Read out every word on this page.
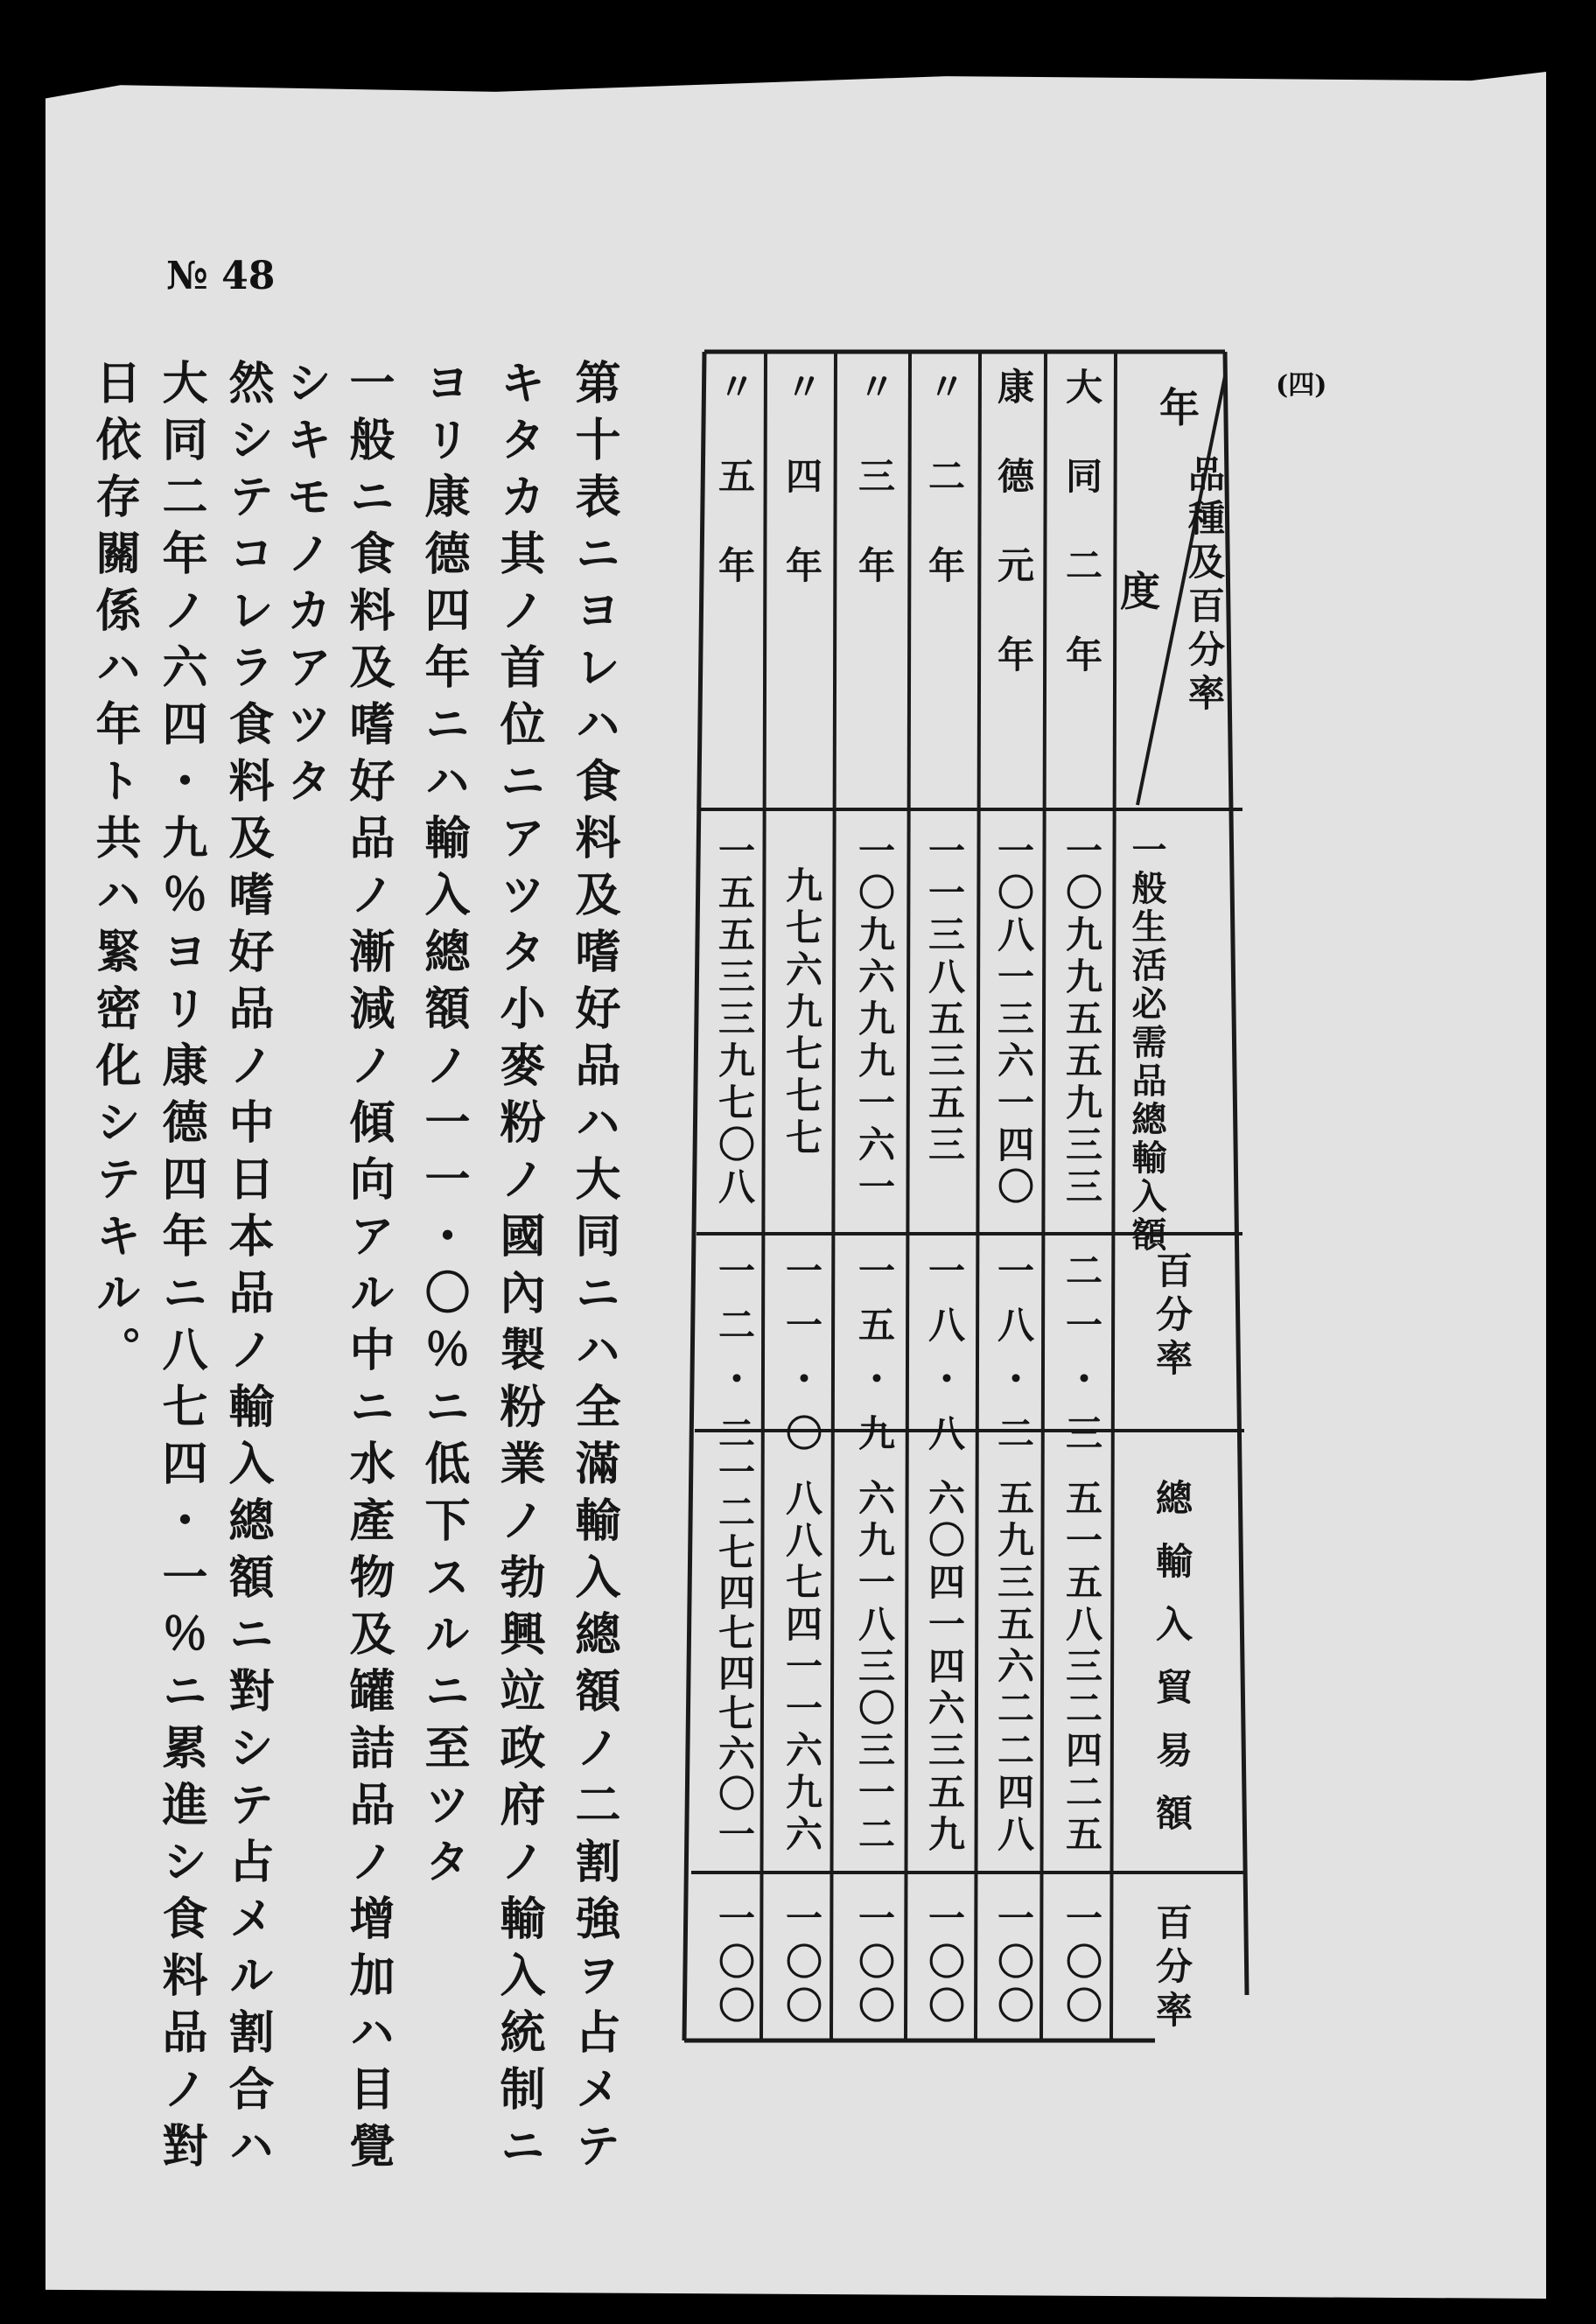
№ 48
(四)
第十表ニヨレハ食料及嗜好品ハ大同ニハ全滿輸入總額ノ二割強ヲ占メテ
キタカ其ノ首位ニアツタ小麥粉ノ國內製粉業ノ勃興竝政府ノ輸入統制ニ
ヨリ康德四年ニハ輸入總額ノ一一・〇％ニ低下スルニ至ツタ
一般ニ食料及嗜好品ノ漸減ノ傾向アル中ニ水產物及罐詰品ノ增加ハ目覺
シキモノカアツタ
然シテコレラ食料及嗜好品ノ中日本品ノ輸入總額ニ對シテ占メル割合ハ
大同二年ノ六四・九％ヨリ康德四年ニ八七四・一％ニ累進シ食料品ノ對
日依存關係ハ年ト共ハ緊密化シテキル。	年
品種及百分率
度
一般生活必需品總輸入額
百分率
總輸入貿易額
百分率
大同二年
一〇九九五五九三三
二一・三
五一五八三二四二五
一〇〇
康德元年
一〇八一三六一四〇
一八・二
五九三五六二二四八
一〇〇
〃二年
一一三八五三五三
一八・八
六〇四一四六三五九
一〇〇
〃三年
一〇九六九九一六一
一五・九
六九一八三〇三一二
一〇〇
〃四年
九七六九七七七
一一・〇
八八七四一一六九六
一〇〇
〃五年
一五五三三九七〇八
一二・二
一二七四七四七六〇一
一〇〇
